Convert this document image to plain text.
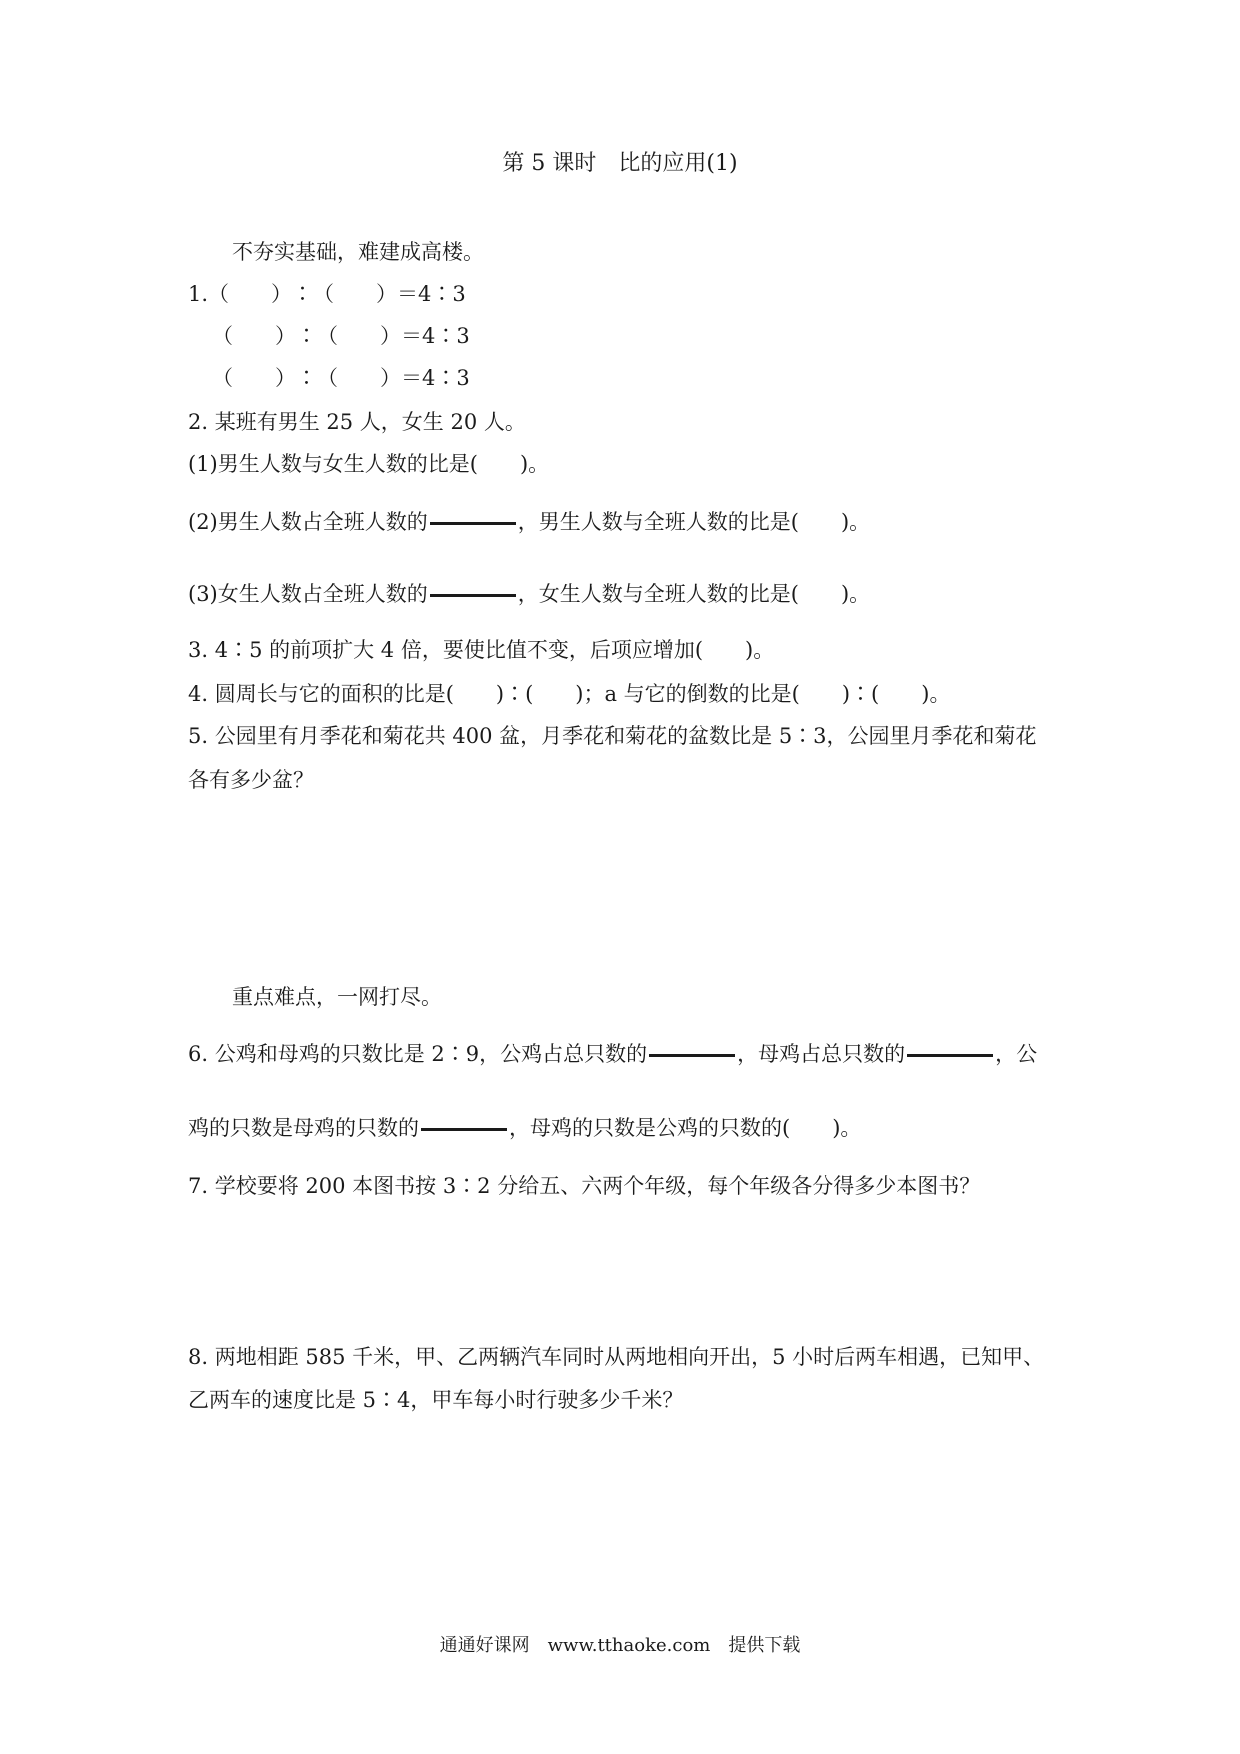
第 5 课时　比的应用(1)
不夯实基础，难建成高楼。
1.（　　）∶（　　）＝4∶3
（　　）∶（　　）＝4∶3
（　　）∶（　　）＝4∶3
2. 某班有男生 25 人，女生 20 人。
(1)男生人数与女生人数的比是(　　)。
(2)男生人数占全班人数的	，男生人数与全班人数的比是(　　)。
(3)女生人数占全班人数的	，女生人数与全班人数的比是(　　)。
3. 4∶5 的前项扩大 4 倍，要使比值不变，后项应增加(　　)。
4. 圆周长与它的面积的比是(　　)∶(　　)；a 与它的倒数的比是(　　)∶(　　)。
5. 公园里有月季花和菊花共 400 盆，月季花和菊花的盆数比是 5∶3，公园里月季花和菊花
各有多少盆？
重点难点，一网打尽。
6. 公鸡和母鸡的只数比是 2∶9，公鸡占总只数的	，母鸡占总只数的	，公
鸡的只数是母鸡的只数的	，母鸡的只数是公鸡的只数的(　　)。
7. 学校要将 200 本图书按 3∶2 分给五、六两个年级，每个年级各分得多少本图书？
8. 两地相距 585 千米，甲、乙两辆汽车同时从两地相向开出，5 小时后两车相遇，已知甲、
乙两车的速度比是 5∶4，甲车每小时行驶多少千米？
通通好课网　www.tthaoke.com　提供下载
